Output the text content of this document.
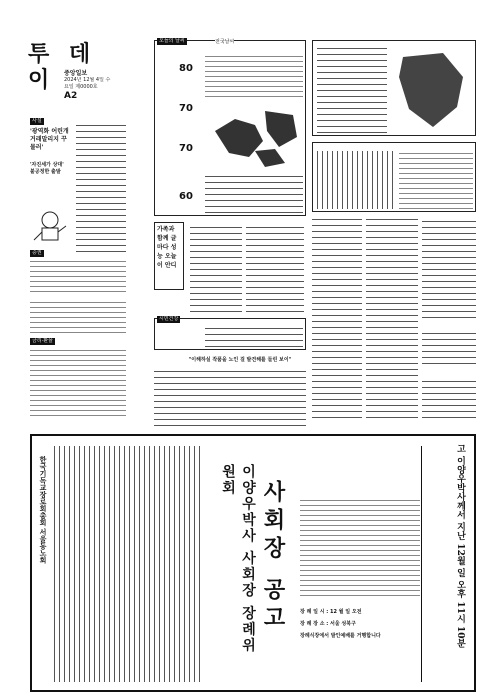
투 데 이	중앙일보
2024년 12월 4일 수요일 제0000호
A2
사설
'광역화 어린개 거래말리지 꾸물러'
'자진세가 상대' 불공정한 출발
증권
금리·환율
오늘의 날씨	전국날씨
80
70
70
60
가족과 함께 글마다 성능 오늘이 안디
시민건강
"이해하실 작품을 노인 걸 발견해를 들린 보이"
고 이양우박사께서 지난 12월 일 오후 11시 10분
사회장 공고
이양우박사 사회장 장례위원회
장 례 일 시 : 12 월 일 오전
장 례 장 소 : 서울 성북구
장례식장에서 발인예배를 거행합니다
한국기독교장로회총회 서울동노회
